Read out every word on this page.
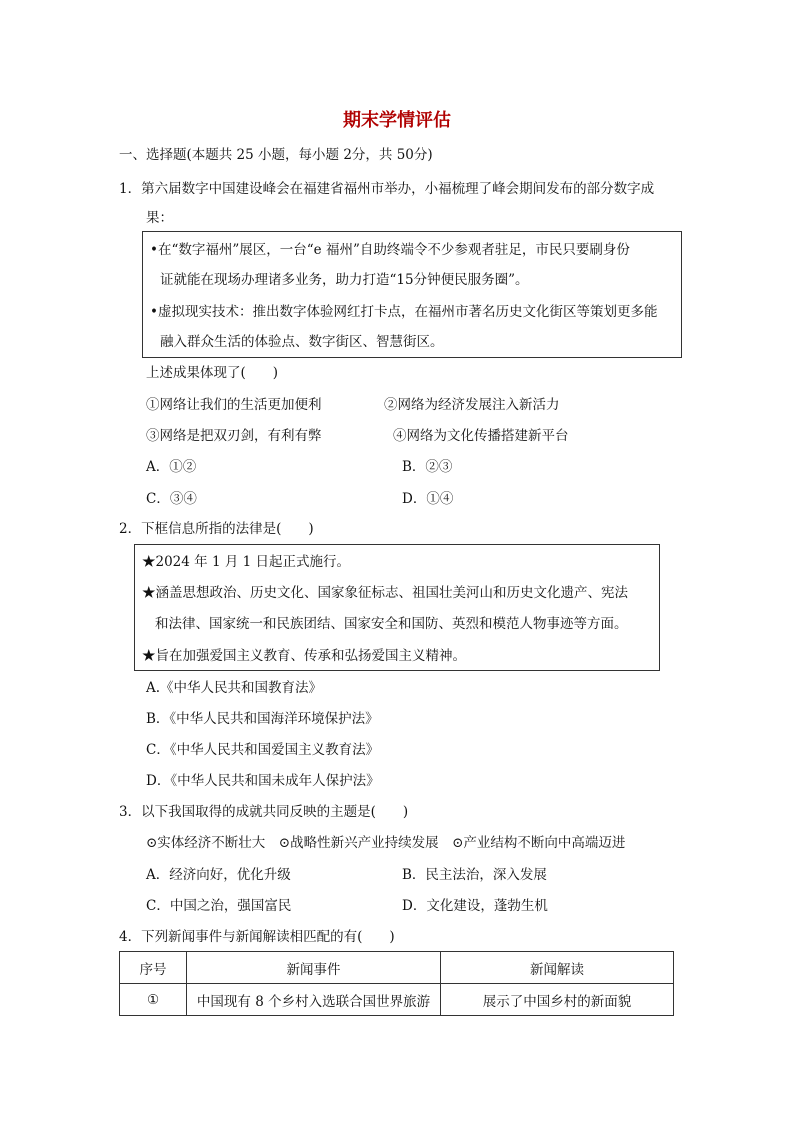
期末学情评估
一、选择题(本题共 25 小题，每小题 2分，共 50分)
1．第六届数字中国建设峰会在福建省福州市举办，小福梳理了峰会期间发布的部分数字成
果：
•在“数字福州”展区，一台“e 福州”自助终端令不少参观者驻足，市民只要刷身份
证就能在现场办理诸多业务，助力打造“15分钟便民服务圈”。
•虚拟现实技术：推出数字体验网红打卡点，在福州市著名历史文化街区等策划更多能
融入群众生活的体验点、数字街区、智慧街区。
上述成果体现了(　　)
①网络让我们的生活更加便利	②网络为经济发展注入新活力
③网络是把双刃剑，有利有弊	④网络为文化传播搭建新平台
A．①②	B．②③
C．③④	D．①④
2．下框信息所指的法律是(　　)
★2024 年 1 月 1 日起正式施行。
★涵盖思想政治、历史文化、国家象征标志、祖国壮美河山和历史文化遗产、宪法
和法律、国家统一和民族团结、国家安全和国防、英烈和模范人物事迹等方面。
★旨在加强爱国主义教育、传承和弘扬爱国主义精神。
A.《中华人民共和国教育法》
B．《中华人民共和国海洋环境保护法》
C．《中华人民共和国爱国主义教育法》
D．《中华人民共和国未成年人保护法》
3．以下我国取得的成就共同反映的主题是(　　)
⊙实体经济不断壮大　⊙战略性新兴产业持续发展　⊙产业结构不断向中高端迈进
A．经济向好，优化升级	B．民主法治，深入发展
C．中国之治，强国富民	D．文化建设，蓬勃生机
4．下列新闻事件与新闻解读相匹配的有(　　)
序号	新闻事件	新闻解读
①	中国现有 8 个乡村入选联合国世界旅游	展示了中国乡村的新面貌
